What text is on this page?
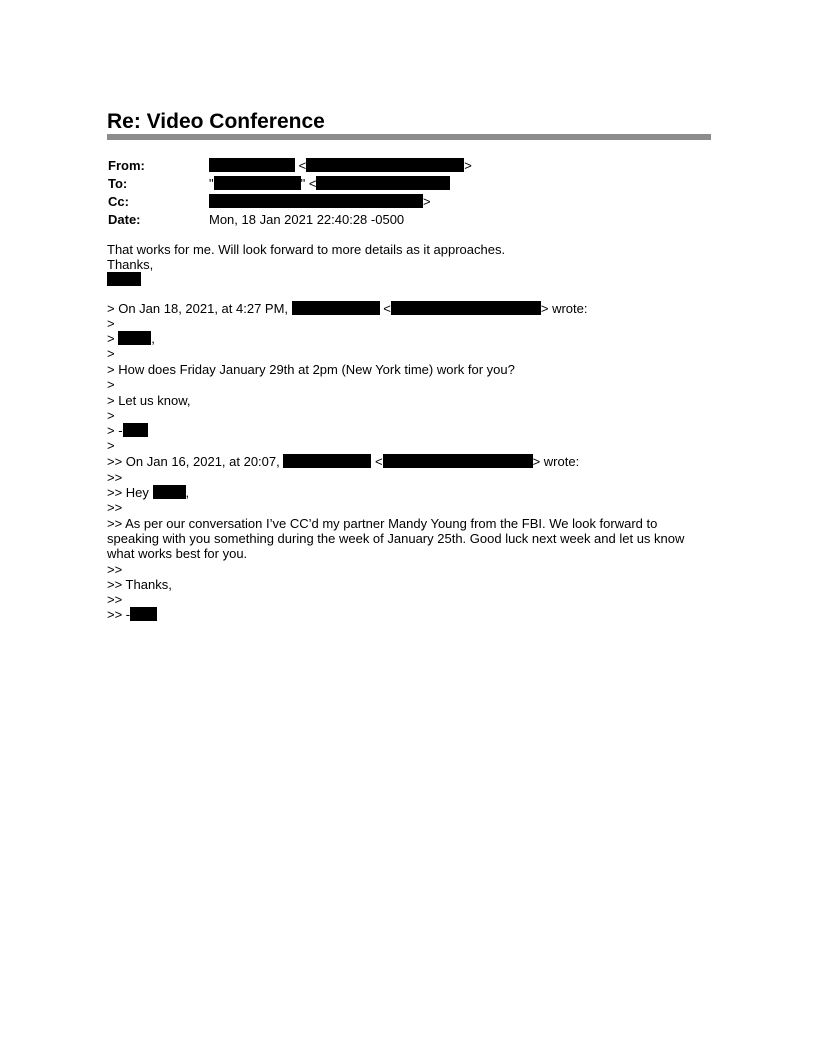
Re: Video Conference
From:	<	>
To:	"	" <
Cc:	>
Date:	Mon, 18 Jan 2021 22:40:28 -0500
That works for me. Will look forward to more details as it approaches.
Thanks,
> On Jan 18, 2021, at 4:27 PM,	<	> wrote:
>
>	,
>
> How does Friday January 29th at 2pm (New York time) work for you?
>
> Let us know,
>
> -
>
>> On Jan 16, 2021, at 20:07,	<	> wrote:
>>
>> Hey	,
>>
>> As per our conversation I’ve CC’d my partner Mandy Young from the FBI. We look forward to speaking with you something during the week of January 25th. Good luck next week and let us know what works best for you.
>>
>> Thanks,
>>
>> -
